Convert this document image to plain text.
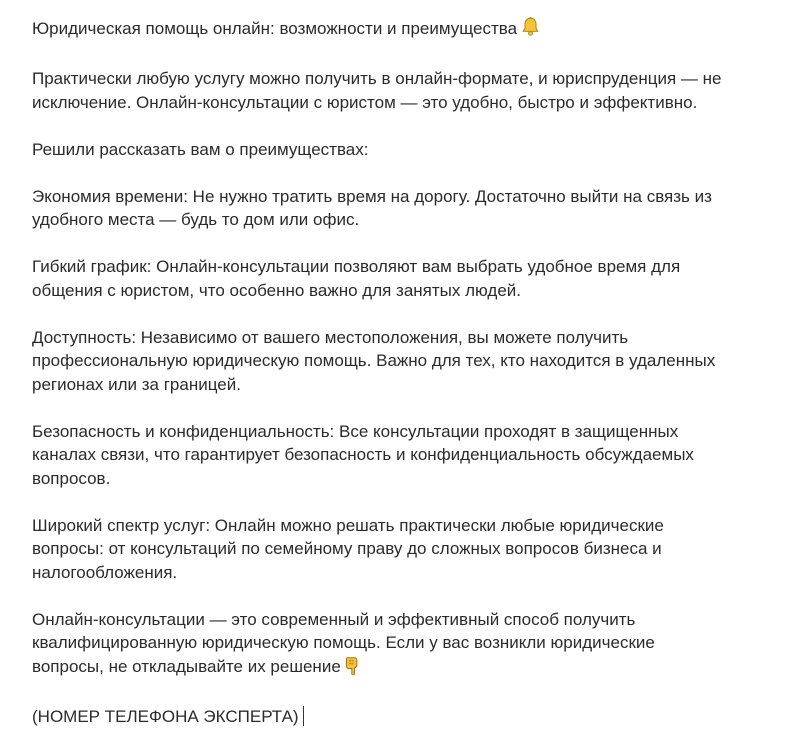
Юридическая помощь онлайн: возможности и преимущества

Практически любую услугу можно получить в онлайн-формате, и юриспруденция — не
исключение. Онлайн-консультации с юристом — это удобно, быстро и эффективно.

Решили рассказать вам о преимуществах:

Экономия времени: Не нужно тратить время на дорогу. Достаточно выйти на связь из
удобного места — будь то дом или офис.

Гибкий график: Онлайн-консультации позволяют вам выбрать удобное время для
общения с юристом, что особенно важно для занятых людей.

Доступность: Независимо от вашего местоположения, вы можете получить
профессиональную юридическую помощь. Важно для тех, кто находится в удаленных
регионах или за границей.

Безопасность и конфиденциальность: Все консультации проходят в защищенных
каналах связи, что гарантирует безопасность и конфиденциальность обсуждаемых
вопросов.

Широкий спектр услуг: Онлайн можно решать практически любые юридические
вопросы: от консультаций по семейному праву до сложных вопросов бизнеса и
налогообложения.

Онлайн-консультации — это современный и эффективный способ получить
квалифицированную юридическую помощь. Если у вас возникли юридические
вопросы, не откладывайте их решение

(НОМЕР ТЕЛЕФОНА ЭКСПЕРТА)
